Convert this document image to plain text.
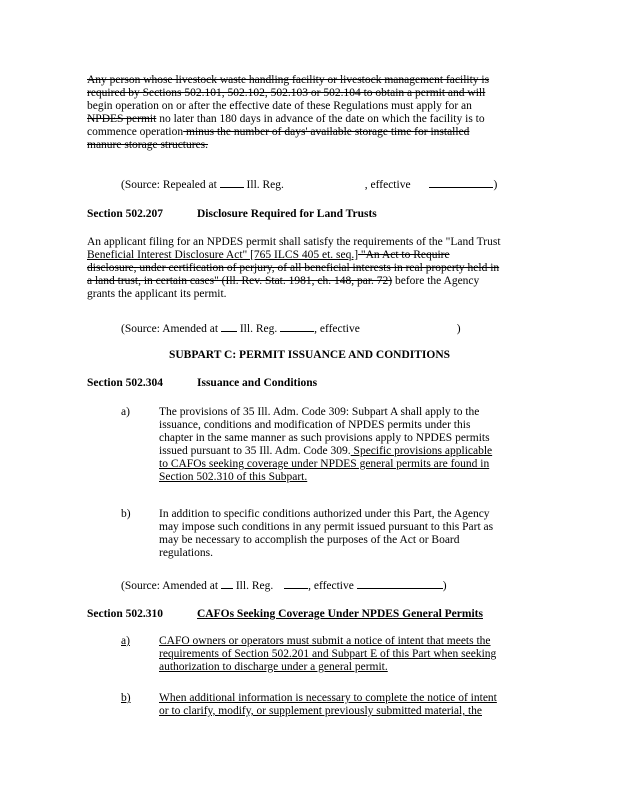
Any person whose livestock waste handling facility or livestock management facility is
required by Sections 502.101, 502.102, 502.103 or 502.104 to obtain a permit and will
begin operation on or after the effective date of these Regulations must apply for an
NPDES permit no later than 180 days in advance of the date on which the facility is to
commence operation minus the number of days' available storage time for installed
manure storage structures.
(Source: Repealed at	Ill. Reg.	, effective	)
Section 502.207	Disclosure Required for Land Trusts
An applicant filing for an NPDES permit shall satisfy the requirements of the "Land Trust
Beneficial Interest Disclosure Act" [765 ILCS 405 et. seq.] "An Act to Require
disclosure, under certification of perjury, of all beneficial interests in real property held in
a land trust, in certain cases" (Ill. Rev. Stat. 1981, ch. 148, par. 72) before the Agency
grants the applicant its permit.
(Source: Amended at Ill. Reg.	, effective	)
SUBPART C: PERMIT ISSUANCE AND CONDITIONS
Section 502.304	Issuance and Conditions
a)	The provisions of 35 Ill. Adm. Code 309: Subpart A shall apply to the
issuance, conditions and modification of NPDES permits under this
chapter in the same manner as such provisions apply to NPDES permits
issued pursuant to 35 Ill. Adm. Code 309. Specific provisions applicable
to CAFOs seeking coverage under NPDES general permits are found in
Section 502.310 of this Subpart.
b) In addition to specific conditions authorized under this Part, the Agency
may impose such conditions in any permit issued pursuant to this Part as
may be necessary to accomplish the purposes of the Act or Board
regulations.
(Source: Amended at Ill. Reg.	, effective	)
Section 502.310	CAFOs Seeking Coverage Under NPDES General Permits
a)	CAFO owners or operators must submit a notice of intent that meets the
requirements of Section 502.201 and Subpart E of this Part when seeking
authorization to discharge under a general permit.
b) When additional information is necessary to complete the notice of intent
or to clarify, modify, or supplement previously submitted material, the
